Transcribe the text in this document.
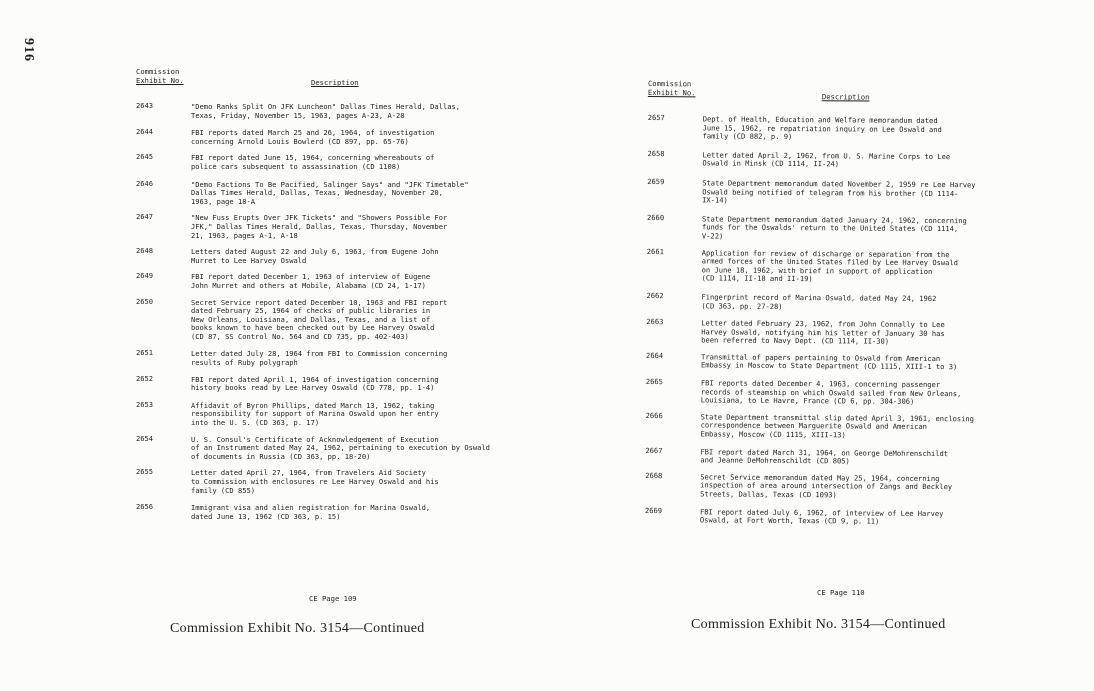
916
Commission
Exhibit No.	Description
2643	"Demo Ranks Split On JFK Luncheon" Dallas Times Herald, Dallas,
Texas, Friday, November 15, 1963, pages A-23, A-28
2644	FBI reports dated March 25 and 26, 1964, of investigation
concerning Arnold Louis Bowlerd (CD 897, pp. 65-76)
2645	FBI report dated June 15, 1964, concerning whereabouts of
police cars subsequent to assassination (CD 1108)
2646	"Demo Factions To Be Pacified, Salinger Says" and "JFK Timetable"
Dallas Times Herald, Dallas, Texas, Wednesday, November 20,
1963, page 18-A
2647	"New Fuss Erupts Over JFK Tickets" and "Showers Possible For
JFK," Dallas Times Herald, Dallas, Texas, Thursday, November
21, 1963, pages A-1, A-18
2648	Letters dated August 22 and July 6, 1963, from Eugene John
Murret to Lee Harvey Oswald
2649	FBI report dated December 1, 1963 of interview of Eugene
John Murret and others at Mobile, Alabama (CD 24, 1-17)
2650	Secret Service report dated December 10, 1963 and FBI report
dated February 25, 1964 of checks of public libraries in
New Orleans, Louisiana, and Dallas, Texas, and a list of
books known to have been checked out by Lee Harvey Oswald
(CD 87, SS Control No. 564 and CD 735, pp. 402-403)
2651	Letter dated July 28, 1964 from FBI to Commission concerning
results of Ruby polygraph
2652	FBI report dated April 1, 1964 of investigation concerning
history books read by Lee Harvey Oswald (CD 778, pp. 1-4)
2653	Affidavit of Byron Phillips, dated March 13, 1962, taking
responsibility for support of Marina Oswald upon her entry
into the U. S. (CD 363, p. 17)
2654	U. S. Consul's Certificate of Acknowledgement of Execution
of an Instrument dated May 24, 1962, pertaining to execution by Oswald
of documents in Russia (CD 363, pp. 18-20)
2655	Letter dated April 27, 1964, from Travelers Aid Society
to Commission with enclosures re Lee Harvey Oswald and his
family (CD 855)
2656	Immigrant visa and alien registration for Marina Oswald,
dated June 13, 1962 (CD 363, p. 15)
Commission
Exhibit No.	Description
2657	Dept. of Health, Education and Welfare memorandum dated
June 15, 1962, re repatriation inquiry on Lee Oswald and
family (CD 882, p. 9)
2658	Letter dated April 2, 1962, from U. S. Marine Corps to Lee
Oswald in Minsk (CD 1114, II-24)
2659	State Department memorandum dated November 2, 1959 re Lee Harvey
Oswald being notified of telegram from his brother (CD 1114-
IX-14)
2660	State Department memorandum dated January 24, 1962, concerning
funds for the Oswalds' return to the United States (CD 1114,
V-22)
2661	Application for review of discharge or separation from the
armed forces of the United States filed by Lee Harvey Oswald
on June 18, 1962, with brief in support of application
(CD 1114, II-18 and II-19)
2662	Fingerprint record of Marina Oswald, dated May 24, 1962
(CD 363, pp. 27-28)
2663	Letter dated February 23, 1962, from John Connally to Lee
Harvey Oswald, notifying him his letter of January 30 has
been referred to Navy Dept. (CD 1114, II-30)
2664	Transmittal of papers pertaining to Oswald from American
Embassy in Moscow to State Department (CD 1115, XIII-1 to 3)
2665	FBI reports dated December 4, 1963, concerning passenger
records of steamship on which Oswald sailed from New Orleans,
Louisiana, to Le Havre, France (CD 6, pp. 304-306)
2666	State Department transmittal slip dated April 3, 1961, enclosing
correspondence between Marguerite Oswald and American
Embassy, Moscow (CD 1115, XIII-13)
2667	FBI report dated March 31, 1964, on George DeMohrenschildt
and Jeanne DeMohrenschildt (CD 805)
2668	Secret Service memorandum dated May 25, 1964, concerning
inspection of area around intersection of Zangs and Beckley
Streets, Dallas, Texas (CD 1093)
2669	FBI report dated July 6, 1962, of interview of Lee Harvey
Oswald, at Fort Worth, Texas (CD 9, p. 11)
CE Page 109
CE Page 110
Commission Exhibit No. 3154—Continued	Commission Exhibit No. 3154—Continued
